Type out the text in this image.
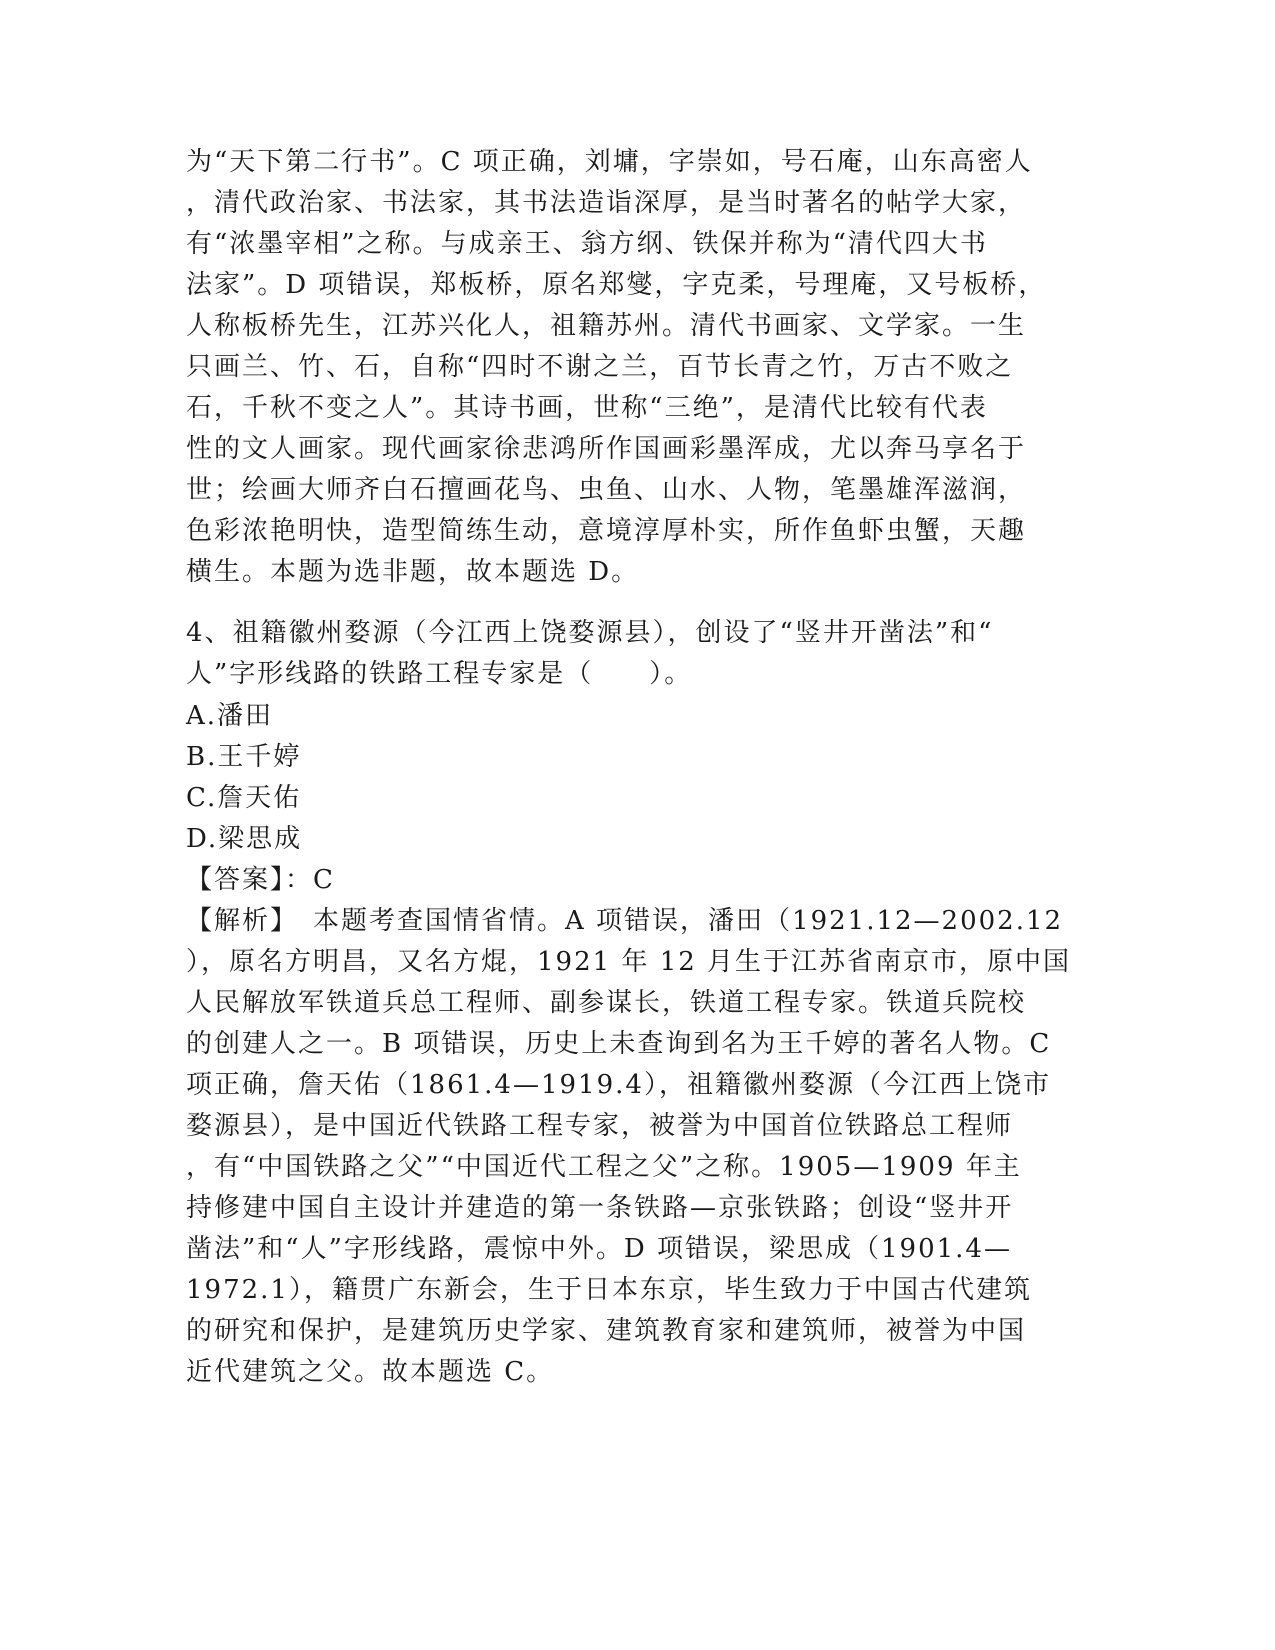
为“天下第二行书”。C 项正确，刘墉，字崇如，号石庵，山东高密人
，清代政治家、书法家，其书法造诣深厚，是当时著名的帖学大家，
有“浓墨宰相”之称。与成亲王、翁方纲、铁保并称为“清代四大书
法家”。D 项错误，郑板桥，原名郑燮，字克柔，号理庵，又号板桥，
人称板桥先生，江苏兴化人，祖籍苏州。清代书画家、文学家。一生
只画兰、竹、石，自称“四时不谢之兰，百节长青之竹，万古不败之
石，千秋不变之人”。其诗书画，世称“三绝”，是清代比较有代表
性的文人画家。现代画家徐悲鸿所作国画彩墨浑成，尤以奔马享名于
世；绘画大师齐白石擅画花鸟、虫鱼、山水、人物，笔墨雄浑滋润，
色彩浓艳明快，造型简练生动，意境淳厚朴实，所作鱼虾虫蟹，天趣
横生。本题为选非题，故本题选 D。
4、祖籍徽州婺源（今江西上饶婺源县），创设了“竖井开凿法”和“
人”字形线路的铁路工程专家是（　　）。
A.潘田
B.王千婷
C.詹天佑
D.梁思成
【答案】：C
【解析】　本题考查国情省情。A 项错误，潘田（1921.12—2002.12
），原名方明昌，又名方焜，1921 年 12 月生于江苏省南京市，原中国
人民解放军铁道兵总工程师、副参谋长，铁道工程专家。铁道兵院校
的创建人之一。B 项错误，历史上未查询到名为王千婷的著名人物。C
项正确，詹天佑（1861.4—1919.4），祖籍徽州婺源（今江西上饶市
婺源县），是中国近代铁路工程专家，被誉为中国首位铁路总工程师
，有“中国铁路之父”“中国近代工程之父”之称。1905—1909 年主
持修建中国自主设计并建造的第一条铁路—京张铁路；创设“竖井开
凿法”和“人”字形线路，震惊中外。D 项错误，梁思成（1901.4—
1972.1），籍贯广东新会，生于日本东京，毕生致力于中国古代建筑
的研究和保护，是建筑历史学家、建筑教育家和建筑师，被誉为中国
近代建筑之父。故本题选 C。
